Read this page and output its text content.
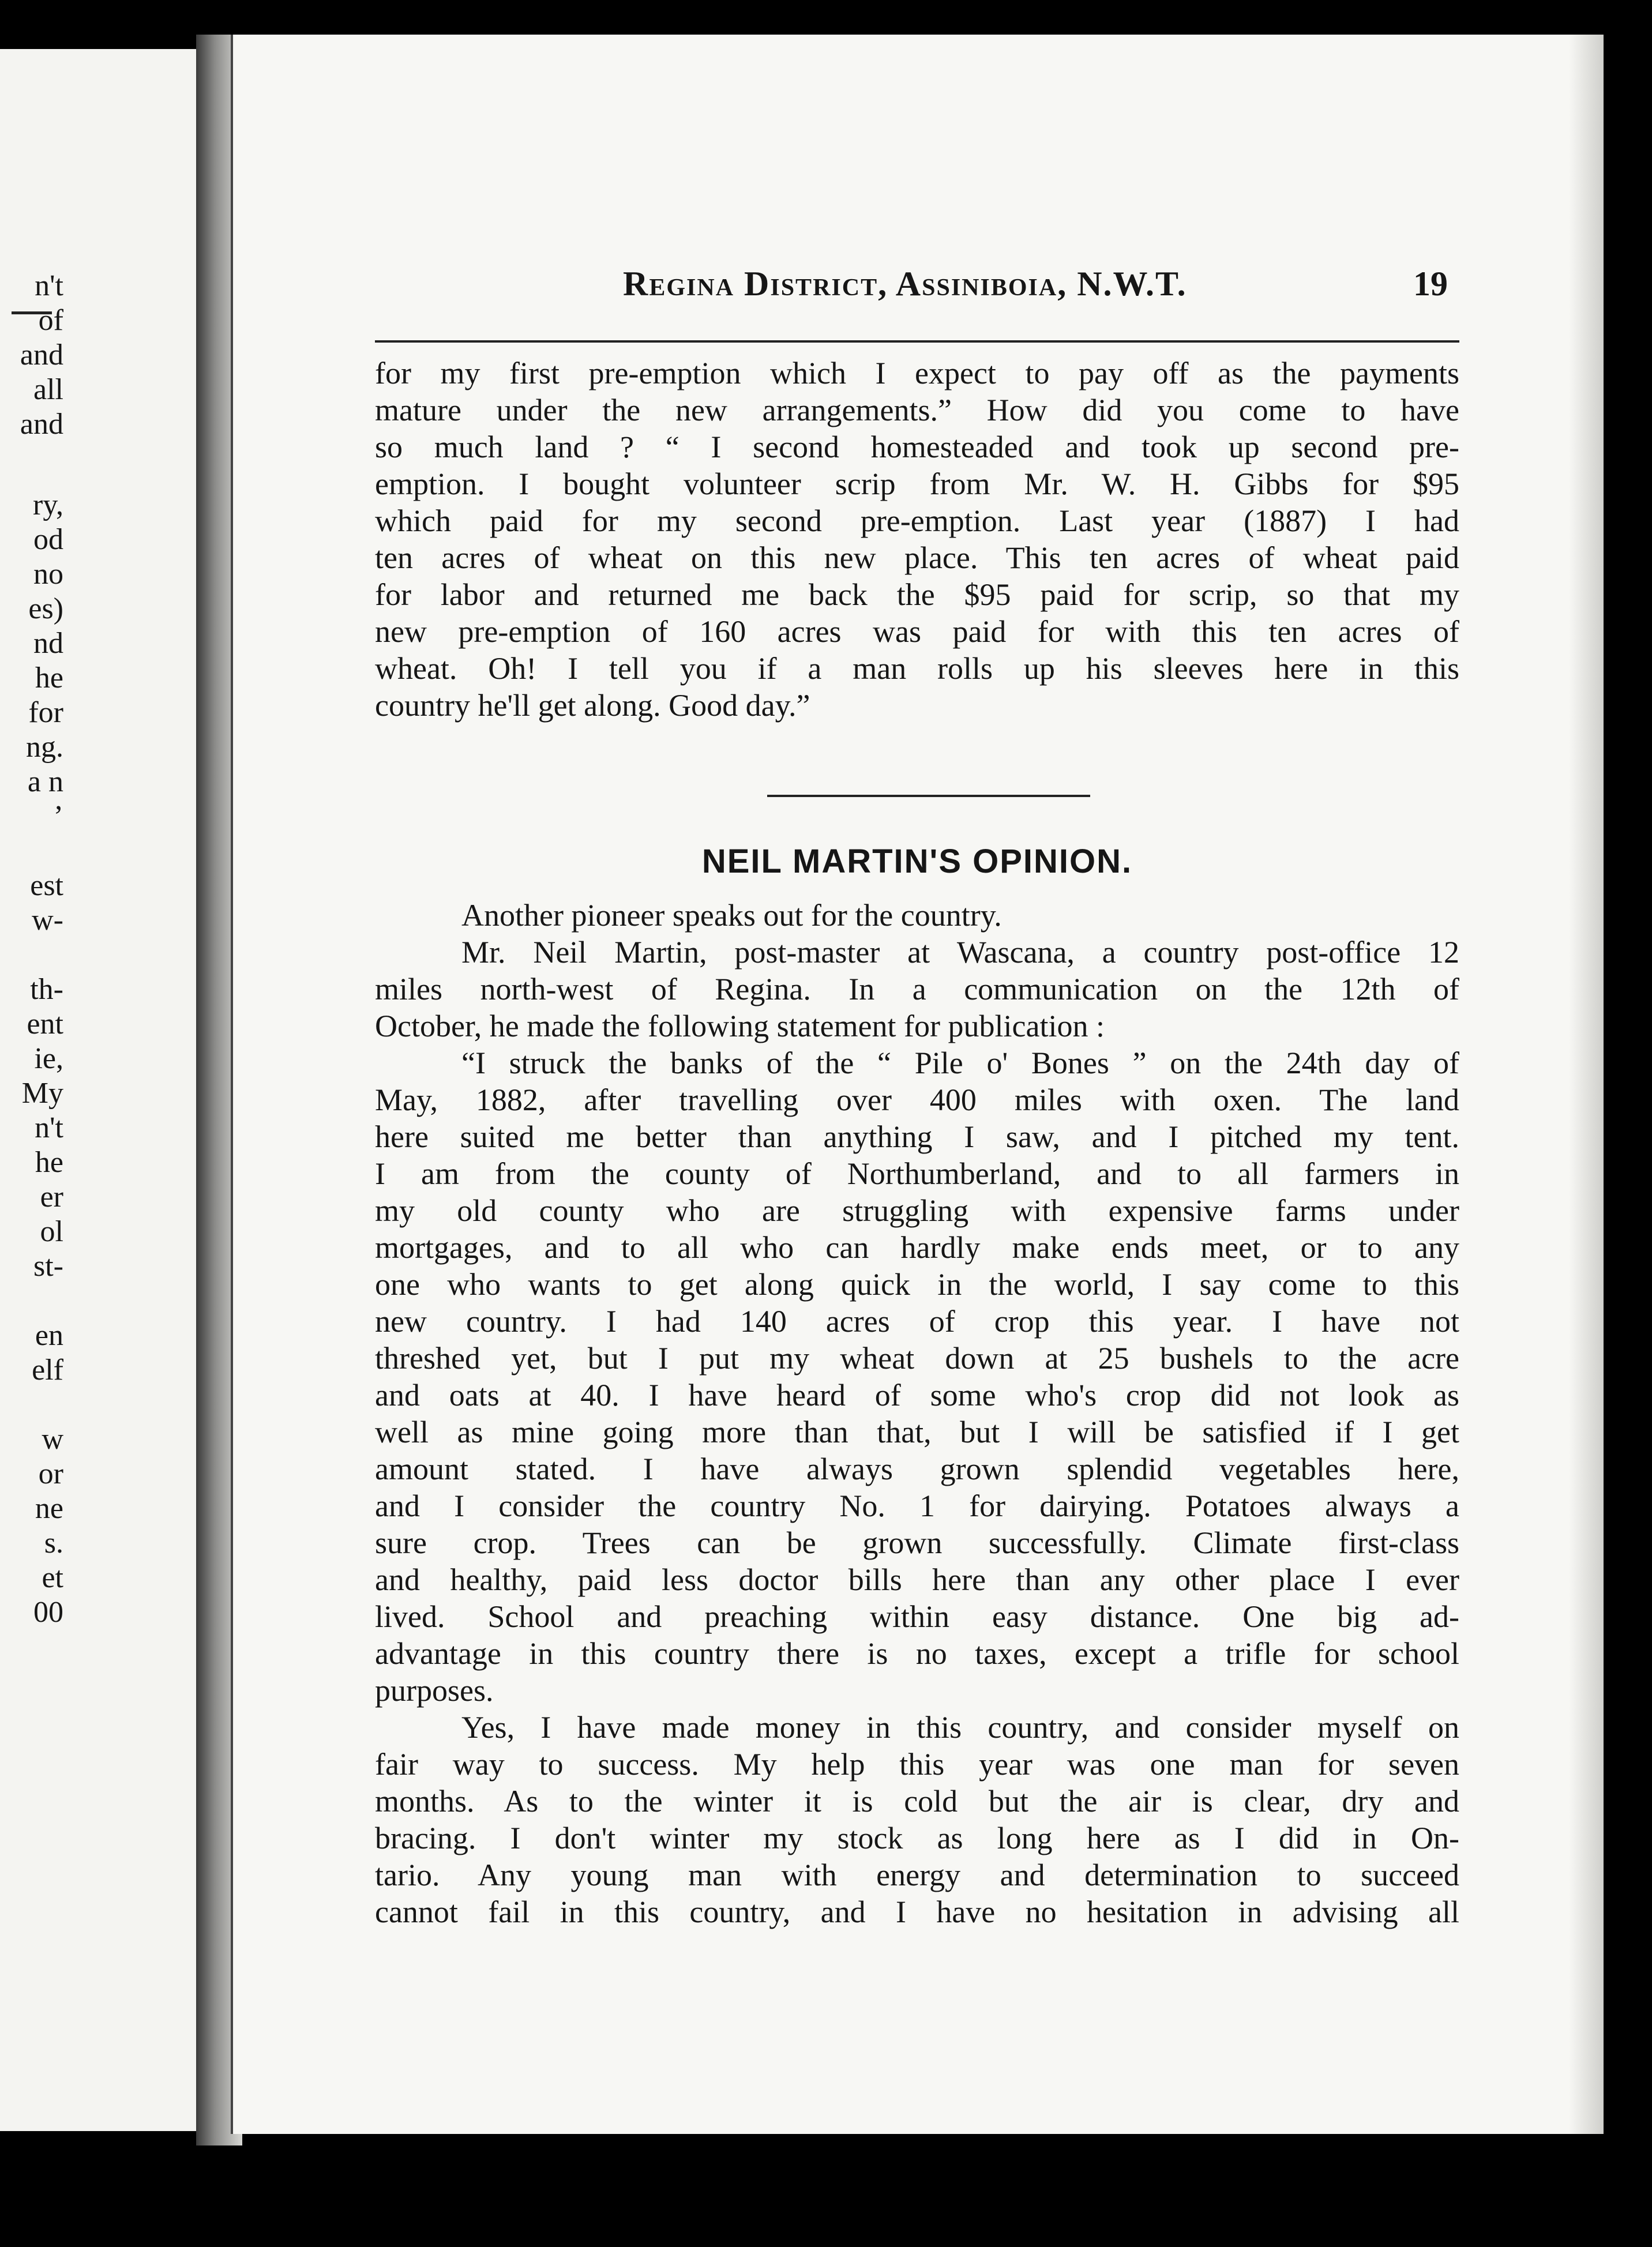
n't
of
and
all
and
ry,
od
no
es)
nd
he
for
ng.
a n
’
est
w-
th-
ent
ie,
My
n't
he
er
ol
st-
en
elf
w
or
ne
s.
et
00
Regina District, Assiniboia, N.W.T.	19
for my first pre-emption which I expect to pay off as the payments
mature under the new arrangements.” How did you come to have
so much land ? “ I second homesteaded and took up second pre-
emption. I bought volunteer scrip from Mr. W. H. Gibbs for $95
which paid for my second pre-emption. Last year (1887) I had
ten acres of wheat on this new place. This ten acres of wheat paid
for labor and returned me back the $95 paid for scrip, so that my
new pre-emption of 160 acres was paid for with this ten acres of
wheat. Oh! I tell you if a man rolls up his sleeves here in this
country he'll get along. Good day.”
NEIL MARTIN'S OPINION.
Another pioneer speaks out for the country.
Mr. Neil Martin, post-master at Wascana, a country post-office 12
miles north-west of Regina. In a communication on the 12th of
October, he made the following statement for publication :
“I struck the banks of the “ Pile o' Bones ” on the 24th day of
May, 1882, after travelling over 400 miles with oxen. The land
here suited me better than anything I saw, and I pitched my tent.
I am from the county of Northumberland, and to all farmers in
my old county who are struggling with expensive farms under
mortgages, and to all who can hardly make ends meet, or to any
one who wants to get along quick in the world, I say come to this
new country. I had 140 acres of crop this year. I have not
threshed yet, but I put my wheat down at 25 bushels to the acre
and oats at 40. I have heard of some who's crop did not look as
well as mine going more than that, but I will be satisfied if I get
amount stated. I have always grown splendid vegetables here,
and I consider the country No. 1 for dairying. Potatoes always a
sure crop. Trees can be grown successfully. Climate first-class
and healthy, paid less doctor bills here than any other place I ever
lived. School and preaching within easy distance. One big ad-
advantage in this country there is no taxes, except a trifle for school
purposes.
Yes, I have made money in this country, and consider myself on
fair way to success. My help this year was one man for seven
months. As to the winter it is cold but the air is clear, dry and
bracing. I don't winter my stock as long here as I did in On-
tario. Any young man with energy and determination to succeed
cannot fail in this country, and I have no hesitation in advising all
